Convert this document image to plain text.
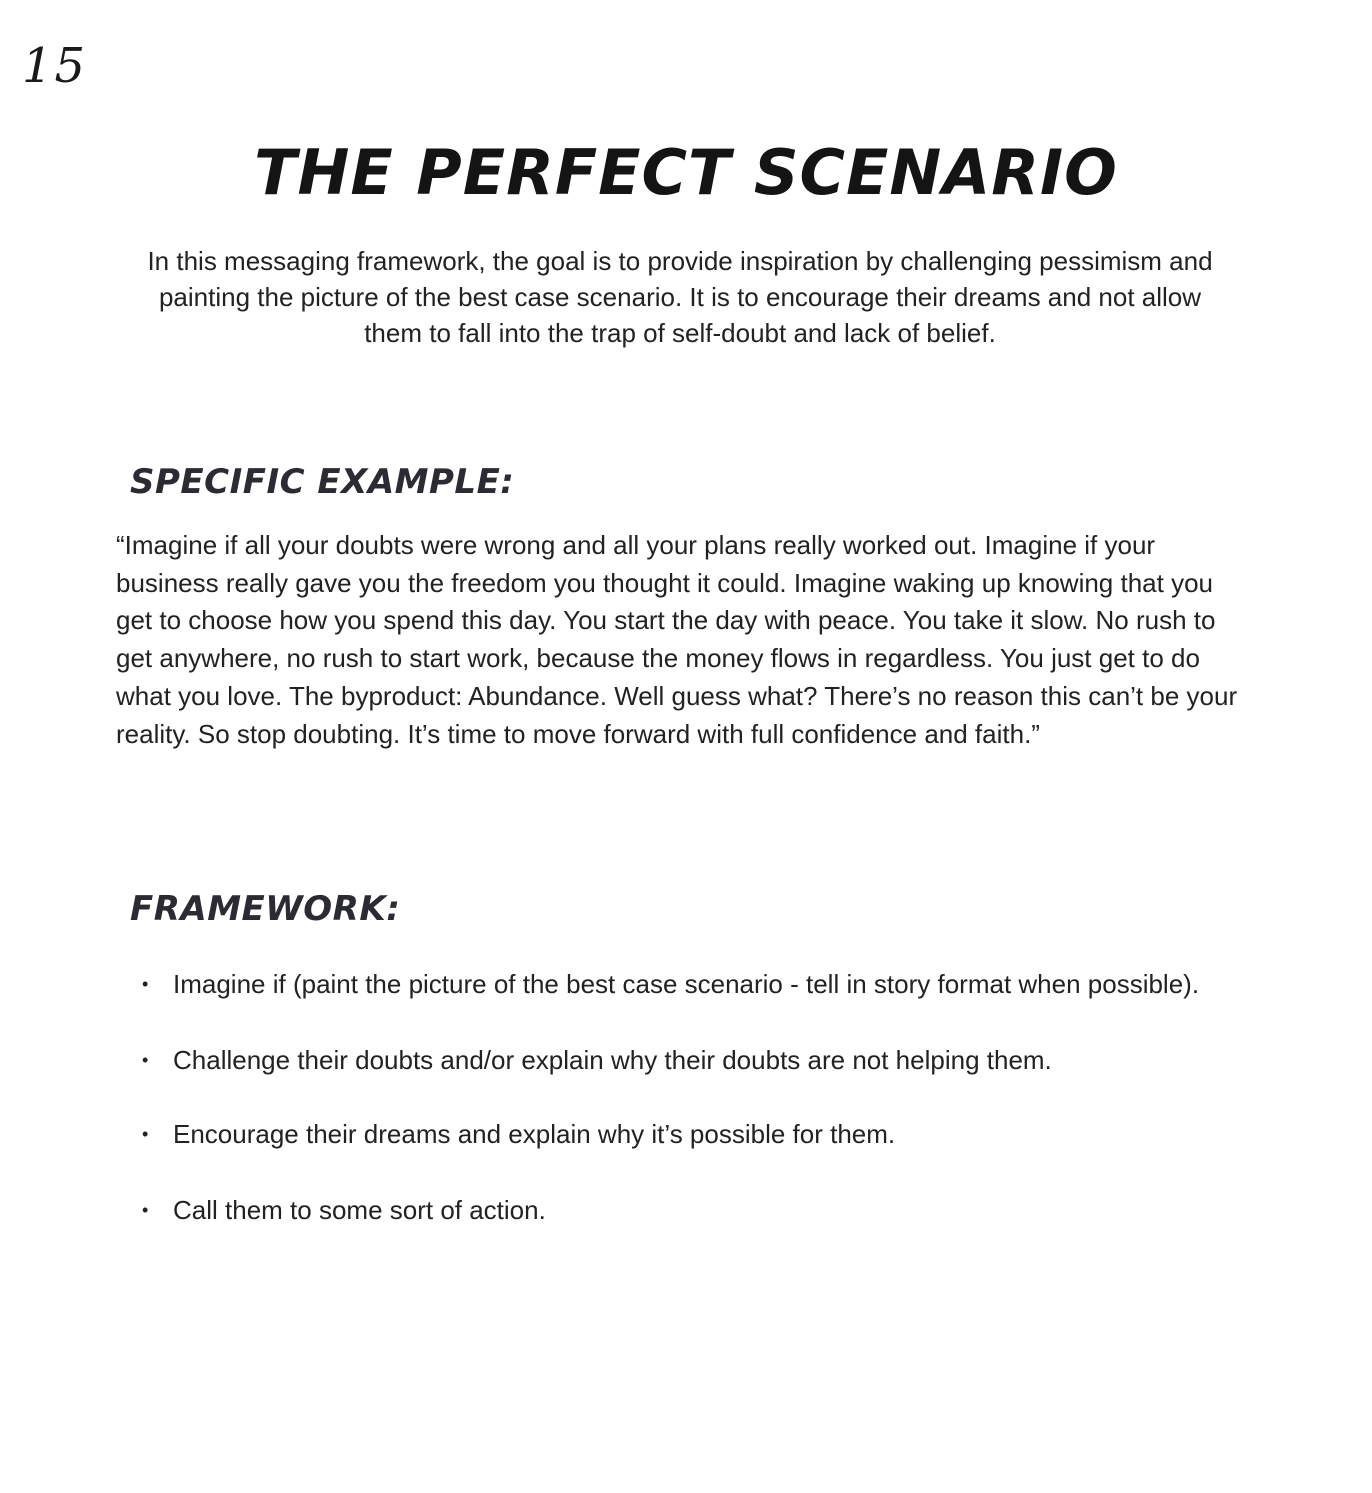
15
THE PERFECT SCENARIO

In this messaging framework, the goal is to provide inspiration by challenging pessimism and painting the picture of the best case scenario. It is to encourage their dreams and not allow them to fall into the trap of self-doubt and lack of belief.

SPECIFIC EXAMPLE:

“Imagine if all your doubts were wrong and all your plans really worked out. Imagine if your business really gave you the freedom you thought it could. Imagine waking up knowing that you get to choose how you spend this day. You start the day with peace. You take it slow. No rush to get anywhere, no rush to start work, because the money flows in regardless. You just get to do what you love. The byproduct: Abundance. Well guess what? There’s no reason this can’t be your reality. So stop doubting. It’s time to move forward with full confidence and faith.”

FRAMEWORK:
• Imagine if (paint the picture of the best case scenario - tell in story format when possible).
• Challenge their doubts and/or explain why their doubts are not helping them.
• Encourage their dreams and explain why it’s possible for them.
• Call them to some sort of action.
